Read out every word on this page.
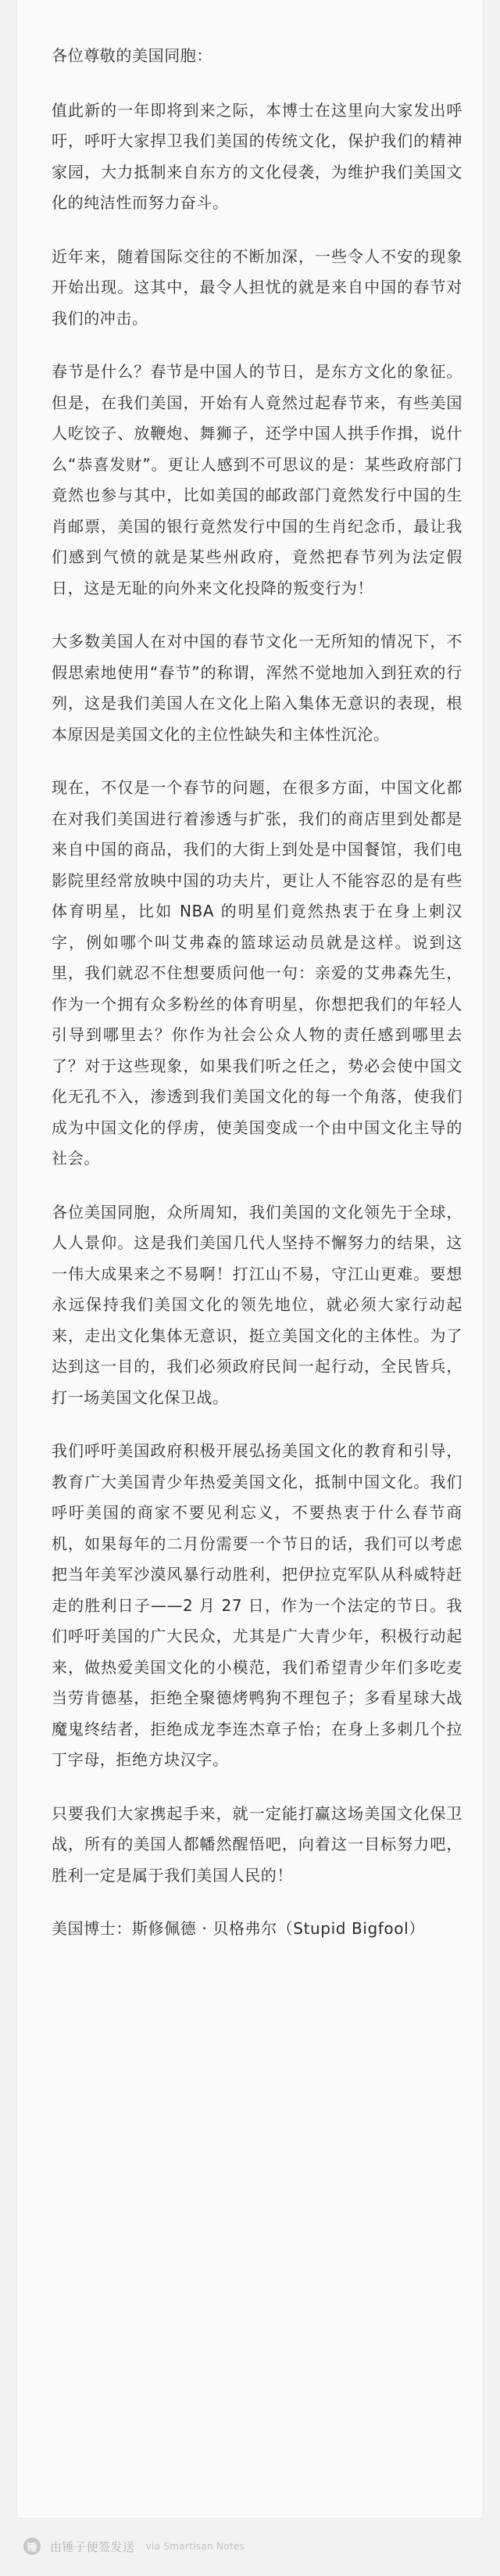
各位尊敬的美国同胞：

值此新的一年即将到来之际，本博士在这里向大家发出呼吁，呼吁大家捍卫我们美国的传统文化，保护我们的精神家园，大力抵制来自东方的文化侵袭，为维护我们美国文化的纯洁性而努力奋斗。

近年来，随着国际交往的不断加深，一些令人不安的现象开始出现。这其中，最令人担忧的就是来自中国的春节对我们的冲击。

春节是什么？春节是中国人的节日，是东方文化的象征。但是，在我们美国，开始有人竟然过起春节来，有些美国人吃饺子、放鞭炮、舞狮子，还学中国人拱手作揖，说什么“恭喜发财”。更让人感到不可思议的是：某些政府部门竟然也参与其中，比如美国的邮政部门竟然发行中国的生肖邮票，美国的银行竟然发行中国的生肖纪念币，最让我们感到气愤的就是某些州政府，竟然把春节列为法定假日，这是无耻的向外来文化投降的叛变行为！

大多数美国人在对中国的春节文化一无所知的情况下，不假思索地使用“春节”的称谓，浑然不觉地加入到狂欢的行列，这是我们美国人在文化上陷入集体无意识的表现，根本原因是美国文化的主位性缺失和主体性沉沦。

现在，不仅是一个春节的问题，在很多方面，中国文化都在对我们美国进行着渗透与扩张，我们的商店里到处都是来自中国的商品，我们的大街上到处是中国餐馆，我们电影院里经常放映中国的功夫片，更让人不能容忍的是有些体育明星，比如 NBA 的明星们竟然热衷于在身上刺汉字，例如哪个叫艾弗森的篮球运动员就是这样。说到这里，我们就忍不住想要质问他一句：亲爱的艾弗森先生，作为一个拥有众多粉丝的体育明星，你想把我们的年轻人引导到哪里去？你作为社会公众人物的责任感到哪里去了？对于这些现象，如果我们听之任之，势必会使中国文化无孔不入，渗透到我们美国文化的每一个角落，使我们成为中国文化的俘虏，使美国变成一个由中国文化主导的社会。

各位美国同胞，众所周知，我们美国的文化领先于全球，人人景仰。这是我们美国几代人坚持不懈努力的结果，这一伟大成果来之不易啊！打江山不易，守江山更难。要想永远保持我们美国文化的领先地位，就必须大家行动起来，走出文化集体无意识，挺立美国文化的主体性。为了达到这一目的，我们必须政府民间一起行动，全民皆兵，打一场美国文化保卫战。

我们呼吁美国政府积极开展弘扬美国文化的教育和引导，教育广大美国青少年热爱美国文化，抵制中国文化。我们呼吁美国的商家不要见利忘义，不要热衷于什么春节商机，如果每年的二月份需要一个节日的话，我们可以考虑把当年美军沙漠风暴行动胜利，把伊拉克军队从科威特赶走的胜利日子——2 月 27 日，作为一个法定的节日。我们呼吁美国的广大民众，尤其是广大青少年，积极行动起来，做热爱美国文化的小模范，我们希望青少年们多吃麦当劳肯德基，拒绝全聚德烤鸭狗不理包子；多看星球大战魔鬼终结者，拒绝成龙李连杰章子怡；在身上多刺几个拉丁字母，拒绝方块汉字。

只要我们大家携起手来，就一定能打赢这场美国文化保卫战，所有的美国人都幡然醒悟吧，向着这一目标努力吧，胜利一定是属于我们美国人民的！

美国博士：斯修佩德 · 贝格弗尔（Stupid Bigfool）

锤	由锤子便签发送 via Smartisan Notes
